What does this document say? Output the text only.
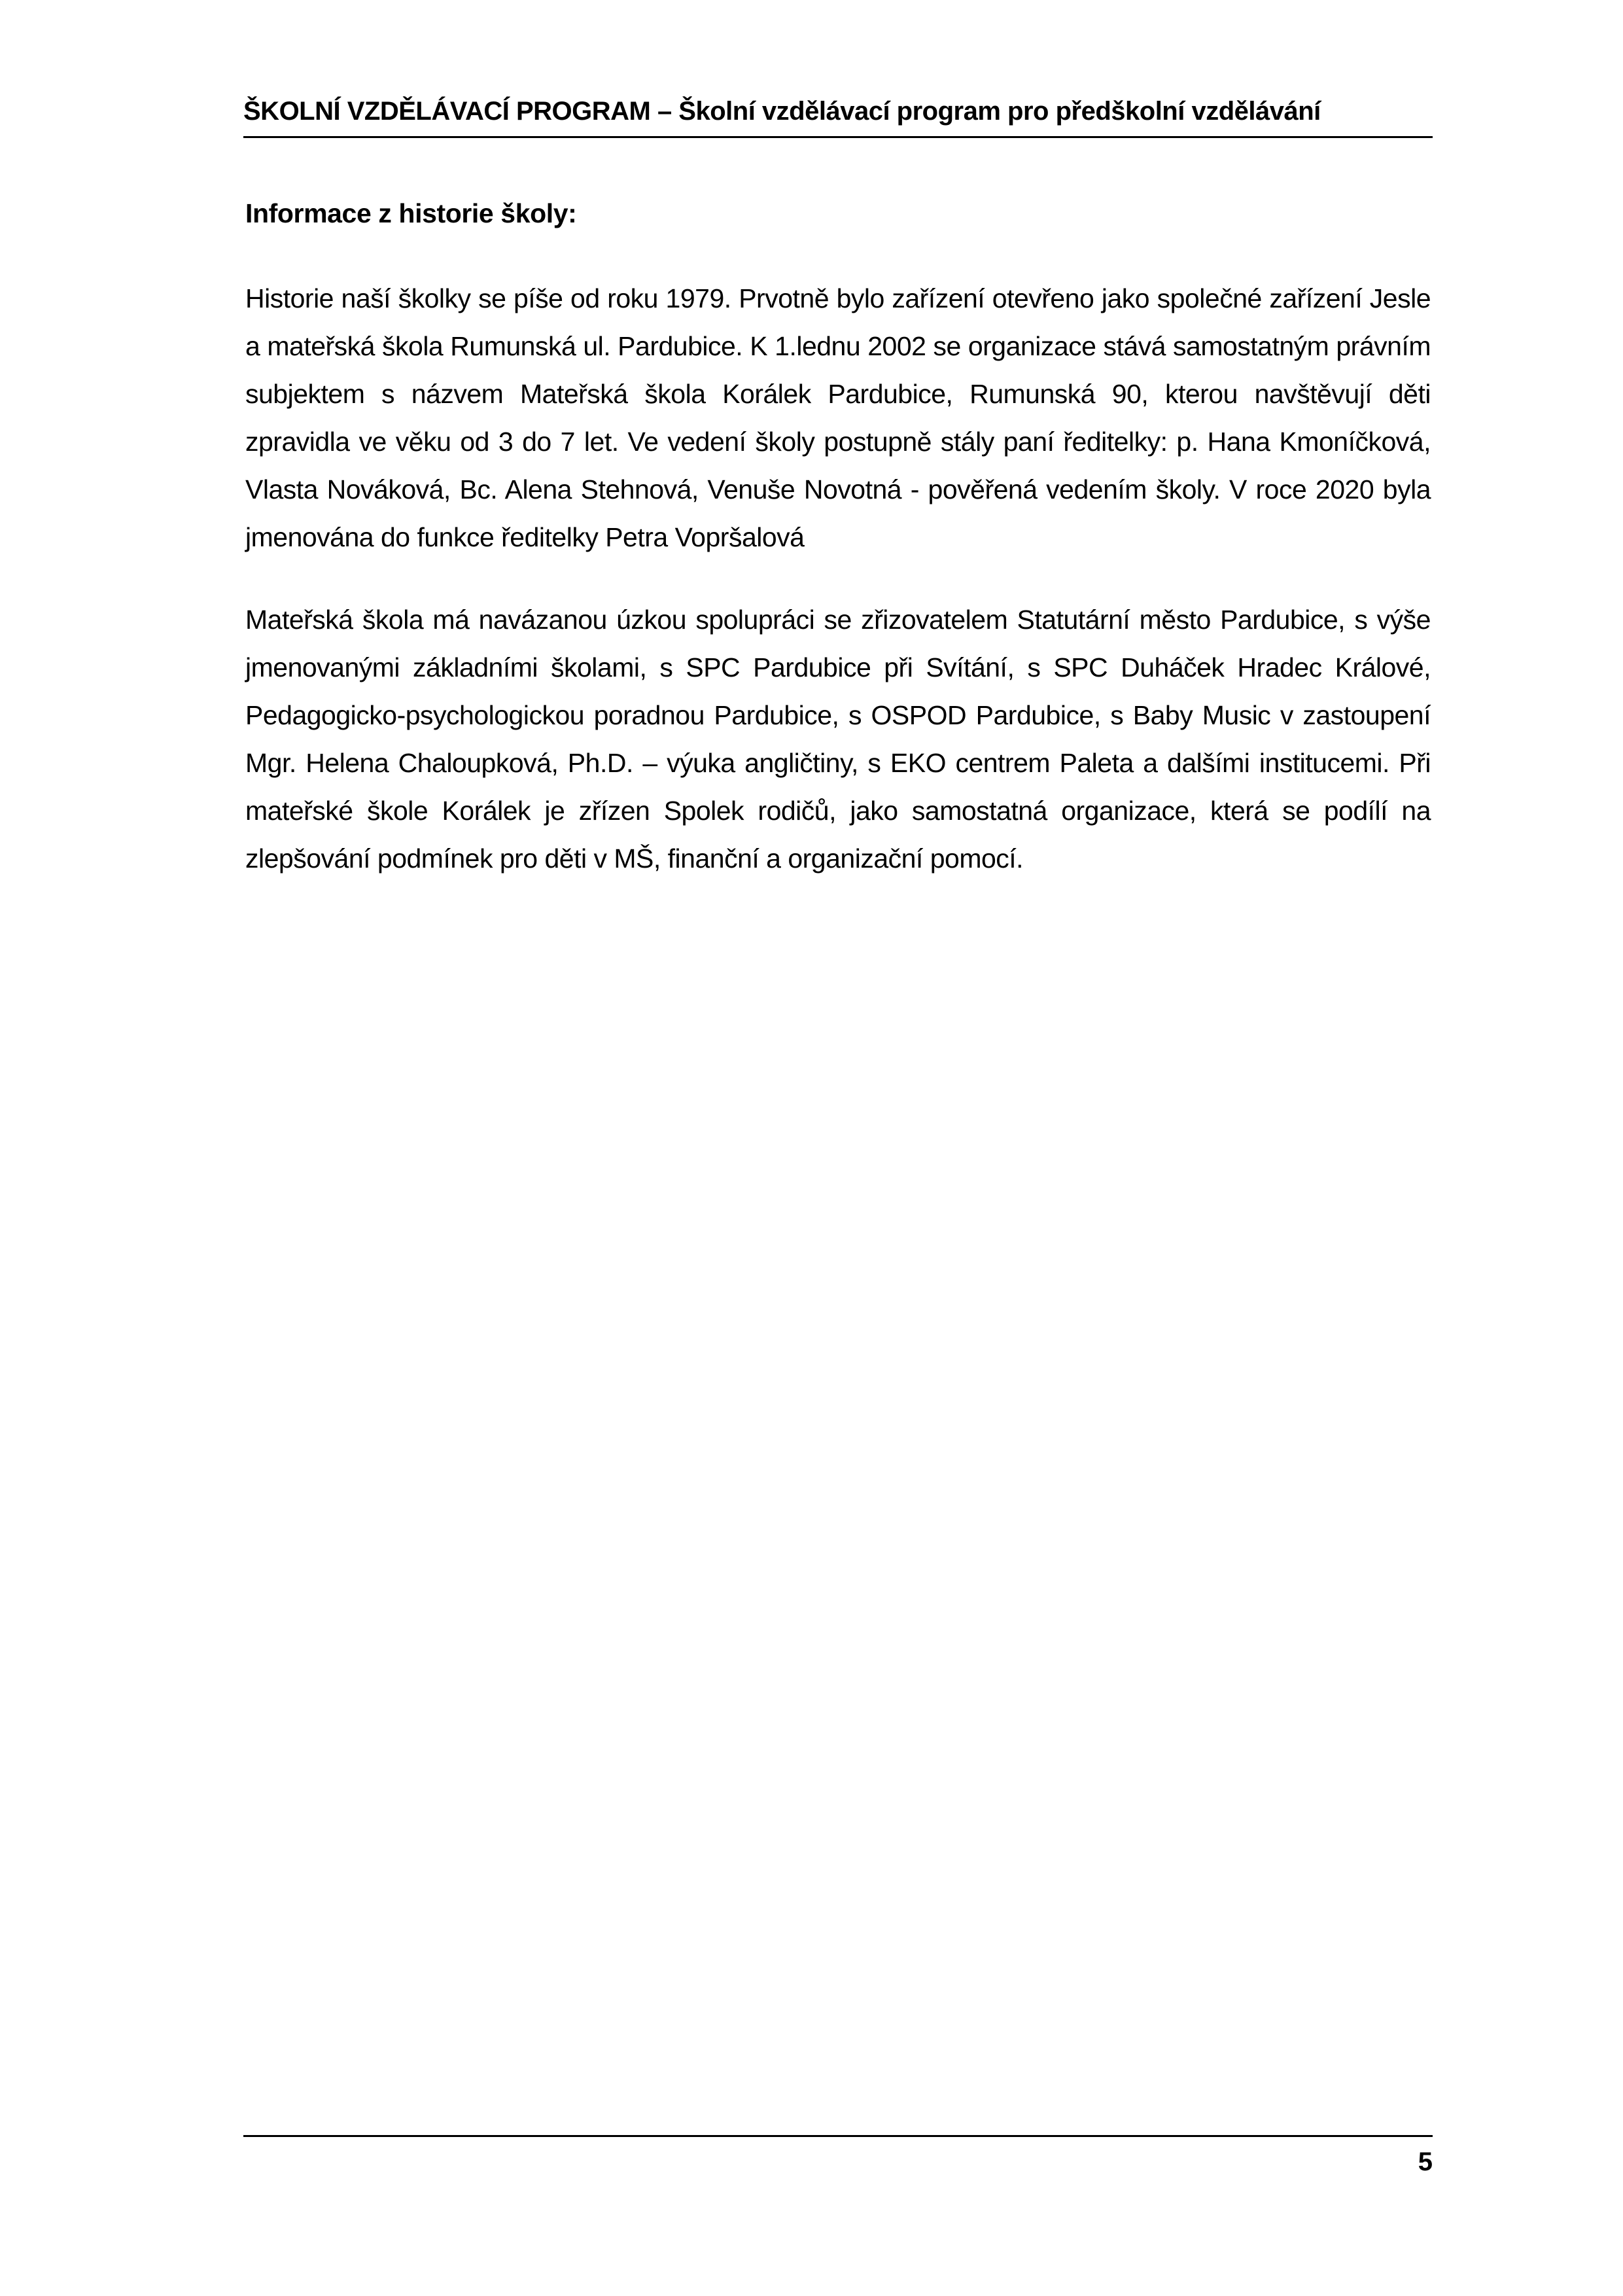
ŠKOLNÍ VZDĚLÁVACÍ PROGRAM – Školní vzdělávací program pro předškolní vzdělávání
Informace z historie školy:

Historie naší školky se píše od roku 1979. Prvotně bylo zařízení otevřeno jako společné zařízení Jesle a mateřská škola Rumunská ul. Pardubice. K 1.lednu 2002 se organizace stává samostatným právním subjektem s názvem Mateřská škola Korálek Pardubice, Rumunská 90, kterou navštěvují děti zpravidla ve věku od 3 do 7 let. Ve vedení školy postupně stály paní ředitelky: p. Hana Kmoníčková, Vlasta Nováková, Bc. Alena Stehnová, Venuše Novotná - pověřená vedením školy. V roce 2020 byla jmenována do funkce ředitelky Petra Vopršalová

Mateřská škola má navázanou úzkou spolupráci se zřizovatelem Statutární město Pardubice, s výše jmenovanými základními školami, s SPC Pardubice při Svítání, s SPC Duháček Hradec Králové, Pedagogicko-psychologickou poradnou Pardubice, s OSPOD Pardubice, s Baby Music v zastoupení Mgr. Helena Chaloupková, Ph.D. – výuka angličtiny, s EKO centrem Paleta a dalšími institucemi. Při mateřské škole Korálek je zřízen Spolek rodičů, jako samostatná organizace, která se podílí na zlepšování podmínek pro děti v MŠ, finanční a organizační pomocí.

5
